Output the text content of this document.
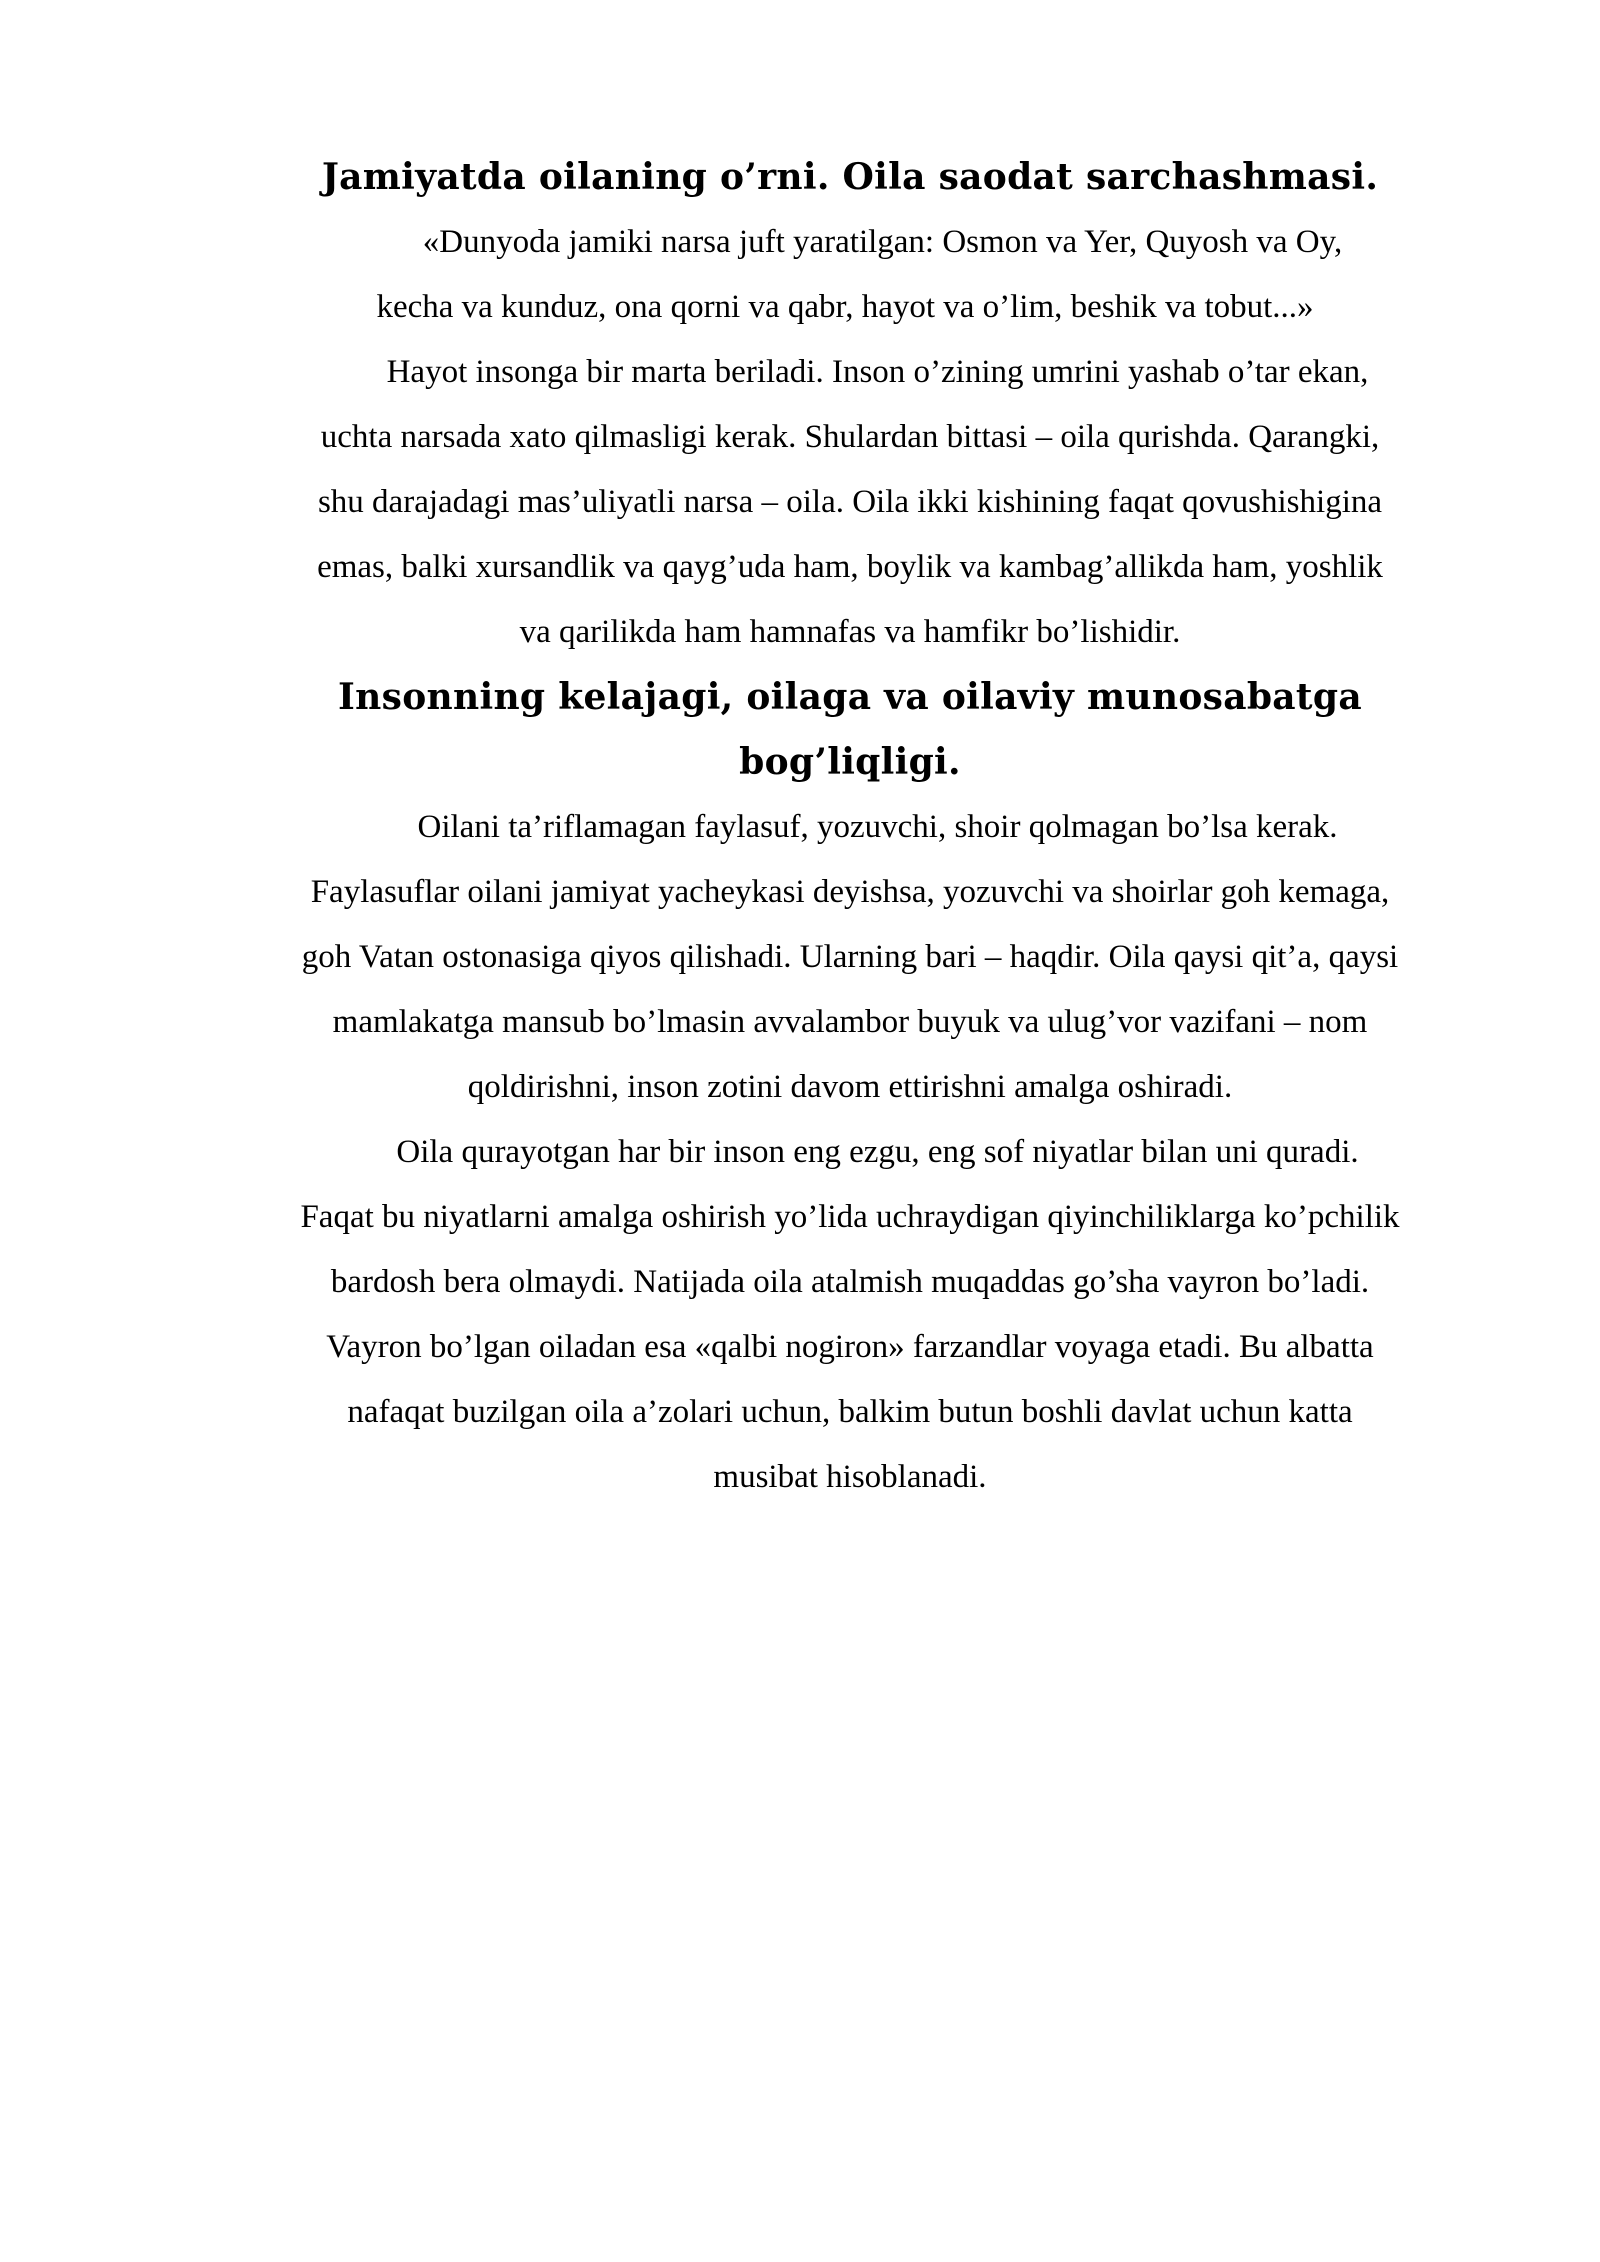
Jamiyatda oilaning o’rni. Oila saodat sarchashmasi.

«Dunyoda jamiki narsa juft yaratilgan: Osmon va Yer, Quyosh va Oy,
kecha va kunduz, ona qorni va qabr, hayot va o’lim, beshik va tobut...»

Hayot insonga bir marta beriladi. Inson o’zining umrini yashab o’tar ekan,
uchta narsada xato qilmasligi kerak. Shulardan bittasi – oila qurishda. Qarangki,
shu darajadagi mas’uliyatli narsa – oila. Oila ikki kishining faqat qovushishigina
emas, balki xursandlik va qayg’uda ham, boylik va kambag’allikda ham, yoshlik
va qarilikda ham hamnafas va hamfikr bo’lishidir.

Insonning kelajagi, oilaga va oilaviy munosabatga
bog’liqligi.

Oilani ta’riflamagan faylasuf, yozuvchi, shoir qolmagan bo’lsa kerak.
Faylasuflar oilani jamiyat yacheykasi deyishsa, yozuvchi va shoirlar goh kemaga,
goh Vatan ostonasiga qiyos qilishadi. Ularning bari – haqdir. Oila qaysi qit’a, qaysi
mamlakatga mansub bo’lmasin avvalambor buyuk va ulug’vor vazifani – nom
qoldirishni, inson zotini davom ettirishni amalga oshiradi.

Oila qurayotgan har bir inson eng ezgu, eng sof niyatlar bilan uni quradi.
Faqat bu niyatlarni amalga oshirish yo’lida uchraydigan qiyinchiliklarga ko’pchilik
bardosh bera olmaydi. Natijada oila atalmish muqaddas go’sha vayron bo’ladi.
Vayron bo’lgan oiladan esa «qalbi nogiron» farzandlar voyaga etadi. Bu albatta
nafaqat buzilgan oila a’zolari uchun, balkim butun boshli davlat uchun katta
musibat hisoblanadi.
